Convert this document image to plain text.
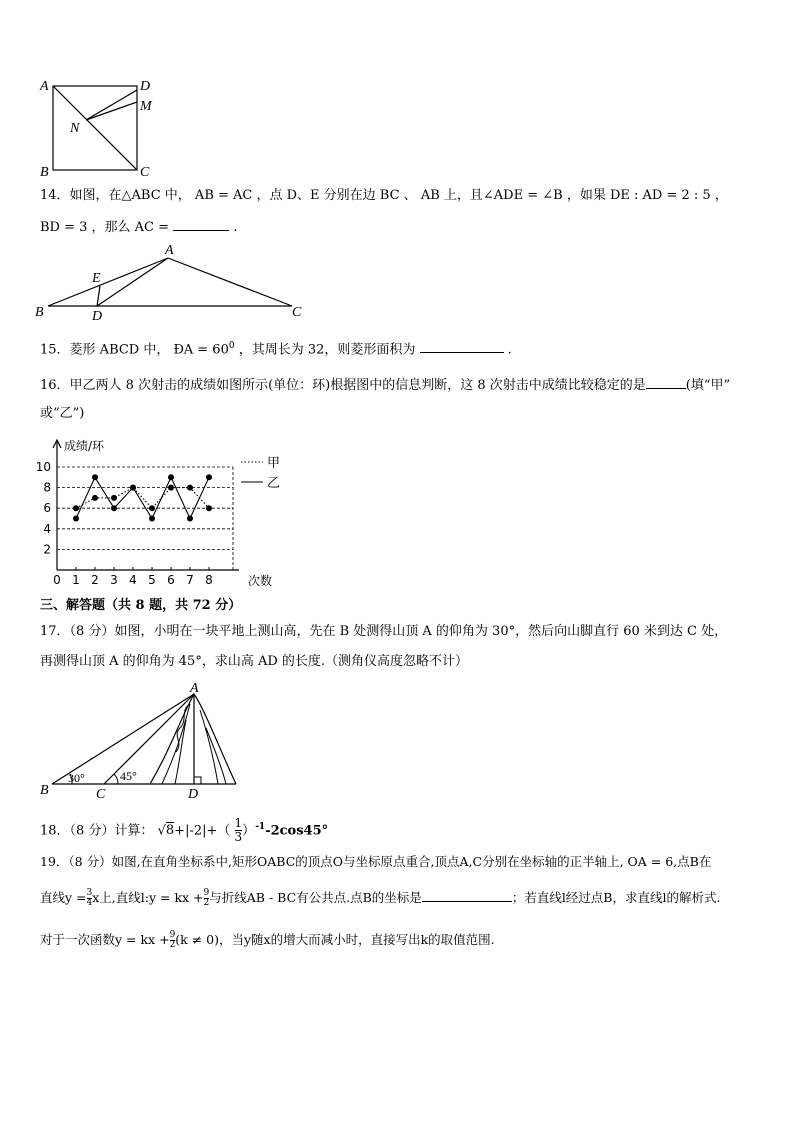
A	D
M
N
B	C
14．如图，在△ABC 中， AB = AC ，点 D、E 分别在边 BC 、 AB 上，且∠ADE = ∠B ，如果 DE : AD = 2 : 5 ，
BD = 3 ，那么 AC =	.
A
E
B	D	C
15．菱形 ABCD 中， ÐA = $60^0$ ，其周长为 32，则菱形面积为	.
16．甲乙两人 8 次射击的成绩如图所示(单位：环)根据图中的信息判断，这 8 次射击中成绩比较稳定的是	(填“甲”
或“乙”)
2
4
6
8
10
0 1 2 3 4 5 6 7 8
甲
乙
成绩/环
次数
三、解答题（共 8 题，共 72 分）
17．（8 分）如图，小明在一块平地上测山高，先在 B 处测得山顶 A 的仰角为 30°，然后向山脚直行 60 米到达 C 处，
再测得山顶 A 的仰角为 45°，求山高 AD 的长度.（测角仪高度忽略不计）
A
B	C	D
30°	45°
18．（8 分）计算： $√8+|-2|+( \frac{1}{3} )^{-1}-2\cos 45^\circ$
19．（8 分）如图,在直角坐标系中,矩形OABC的顶点O与坐标原点重合,顶点A,C分别在坐标轴的正半轴上, OA = 6,点B在
直线$y = \frac{3}{4}$ x上,直线l:y = kx + $\frac{9}{2}$ 与折线AB - BC有公共点.点B的坐标是	；若直线l经过点B，求直线l的解析式.
对于一次函数y = kx + $\frac{9}{2} (k \ne 0)$，当y随x的增大而减小时，直接写出k的取值范围.
